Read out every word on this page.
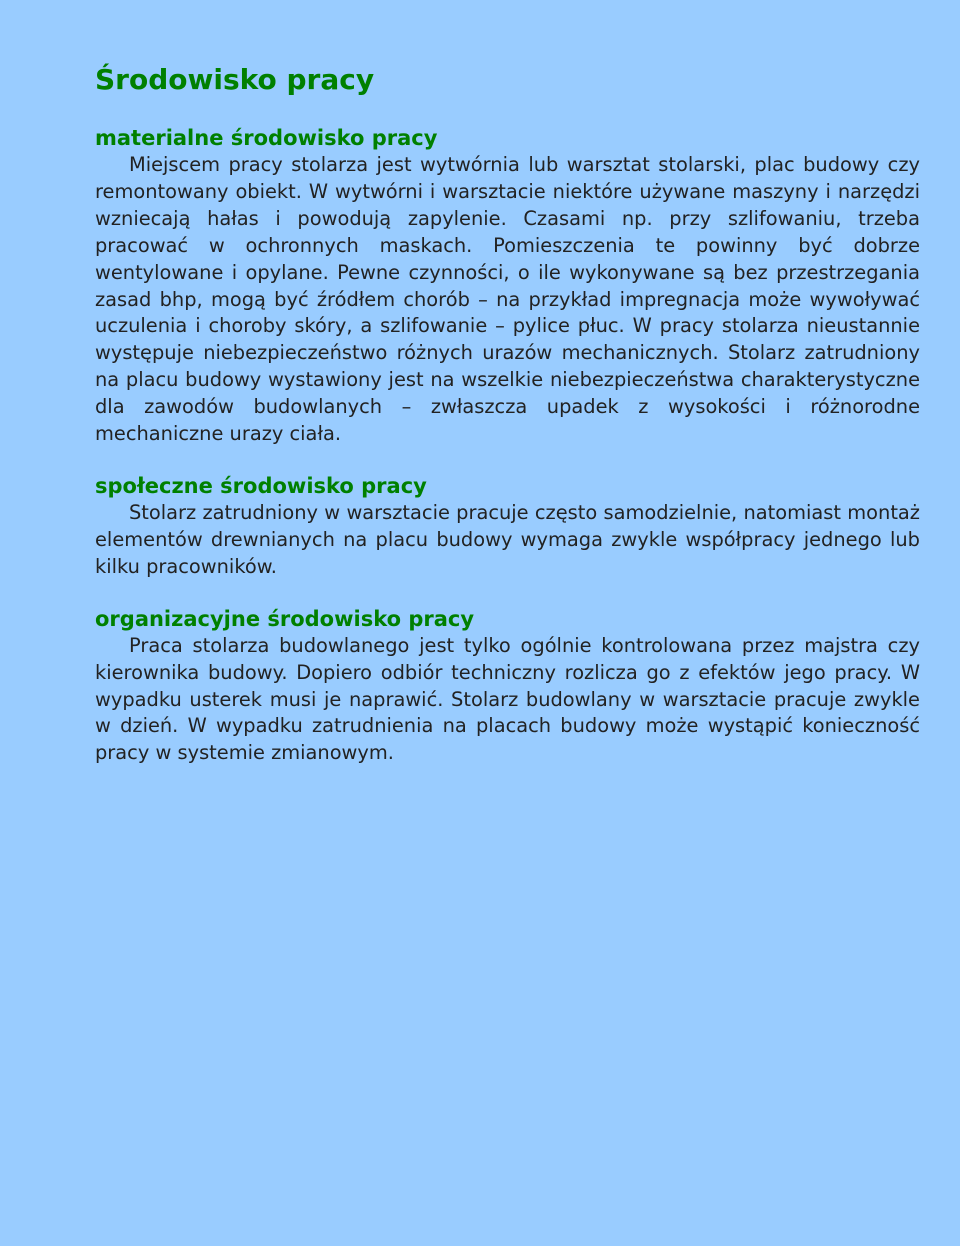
Środowisko pracy
materialne środowisko pracy

Miejscem pracy stolarza jest wytwórnia lub warsztat stolarski, plac budowy czy remontowany obiekt. W wytwórni i warsztacie niektóre używane maszyny i narzędzi wzniecają hałas i powodują zapylenie. Czasami np. przy szlifowaniu, trzeba pracować w ochronnych maskach. Pomieszczenia te powinny być dobrze wentylowane i opylane. Pewne czynności, o ile wykonywane są bez przestrzegania zasad bhp, mogą być źródłem chorób – na przykład impregnacja może wywoływać uczulenia i choroby skóry, a szlifowanie – pylice płuc. W pracy stolarza nieustannie występuje niebezpieczeństwo różnych urazów mechanicznych. Stolarz zatrudniony na placu budowy wystawiony jest na wszelkie niebezpieczeństwa charakterystyczne dla zawodów budowlanych – zwłaszcza upadek z wysokości i różnorodne mechaniczne urazy ciała.

społeczne środowisko pracy

Stolarz zatrudniony w warsztacie pracuje często samodzielnie, natomiast montaż elementów drewnianych na placu budowy wymaga zwykle współpracy jednego lub kilku pracowników.

organizacyjne środowisko pracy

Praca stolarza budowlanego jest tylko ogólnie kontrolowana przez majstra czy kierownika budowy. Dopiero odbiór techniczny rozlicza go z efektów jego pracy. W wypadku usterek musi je naprawić. Stolarz budowlany w warsztacie pracuje zwykle w dzień. W wypadku zatrudnienia na placach budowy może wystąpić konieczność pracy w systemie zmianowym.
